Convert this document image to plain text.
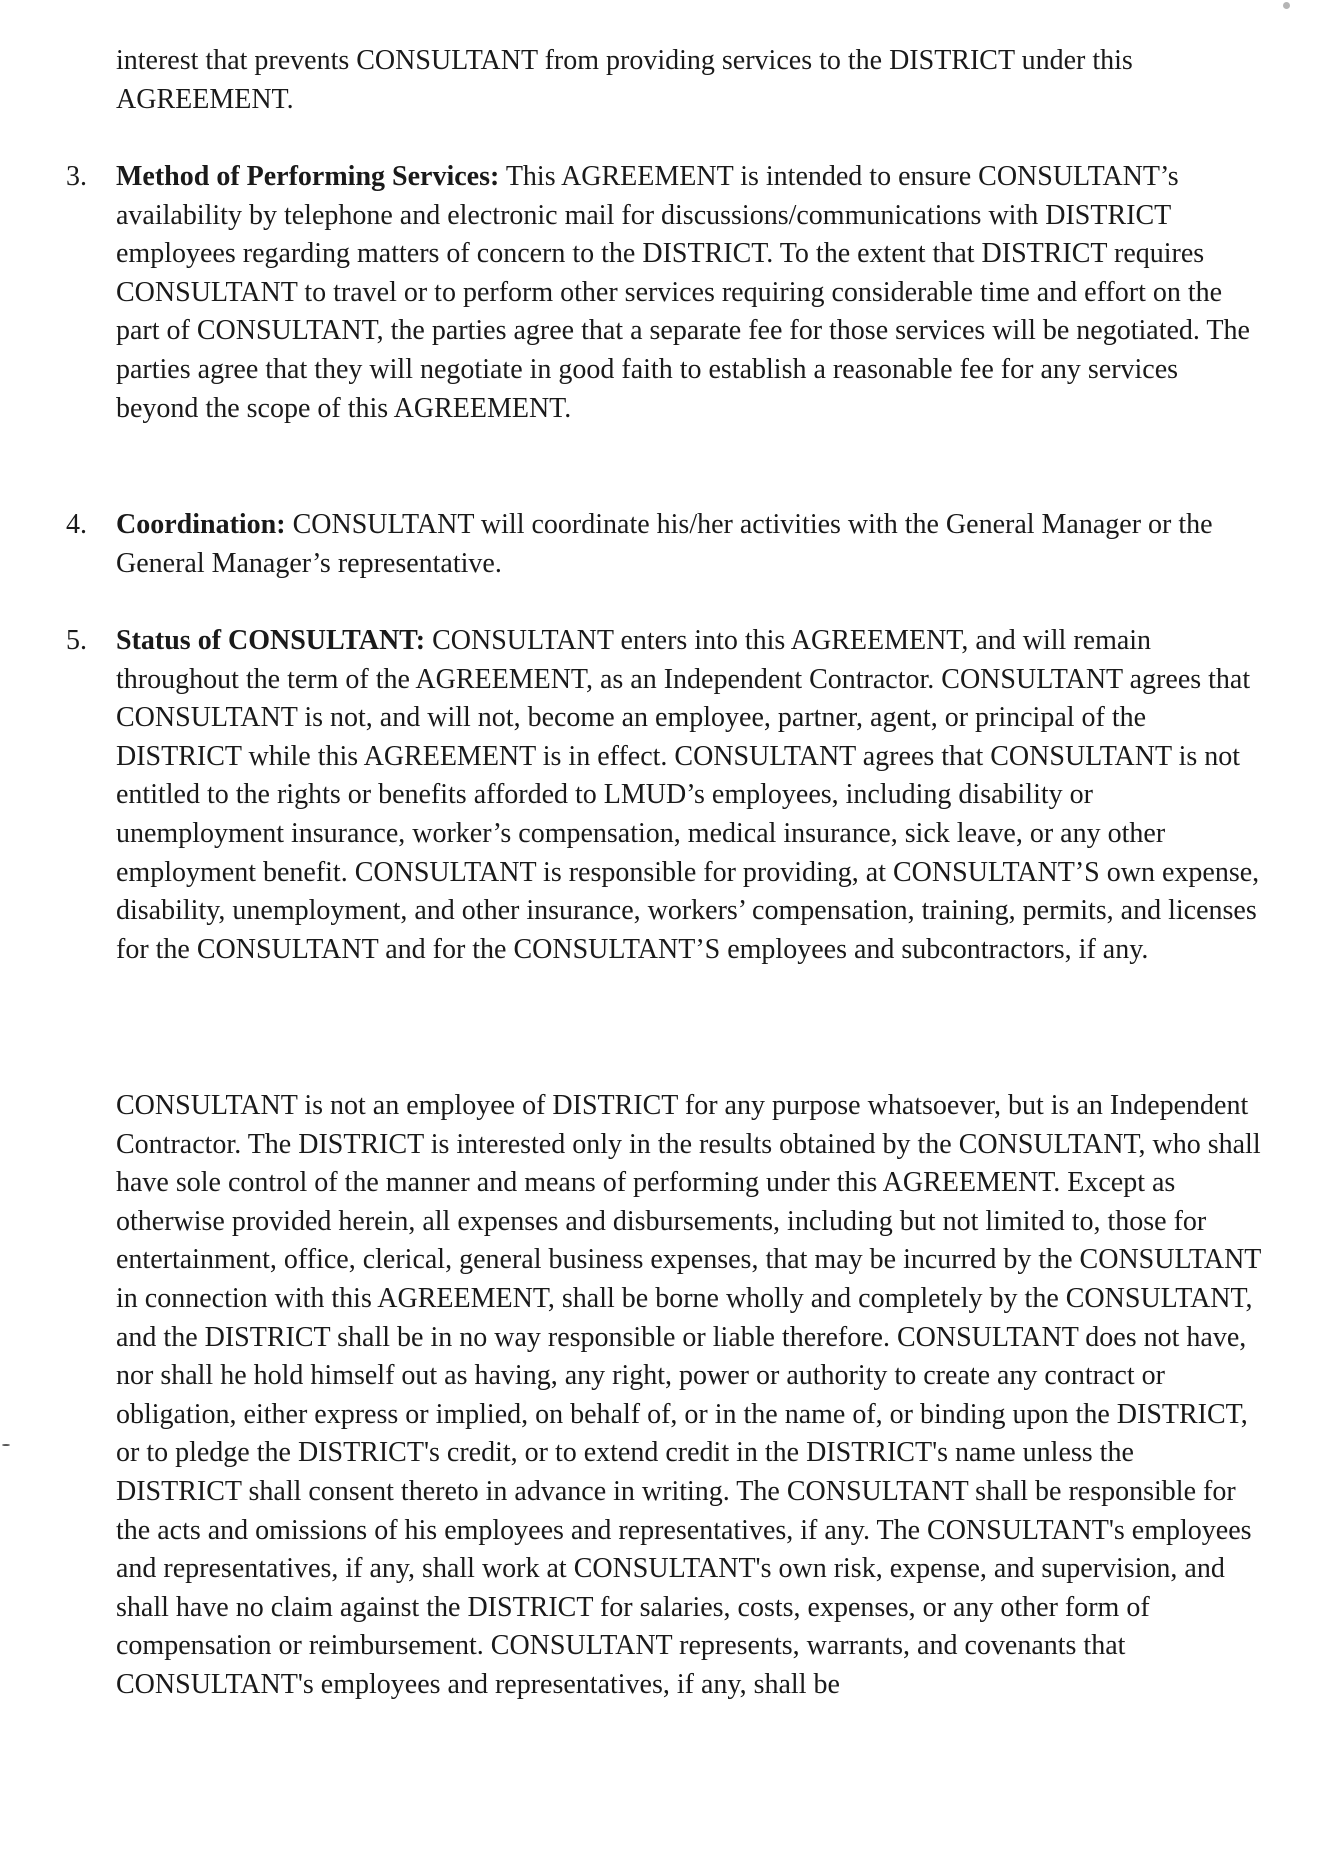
interest that prevents CONSULTANT from providing services to the DISTRICT under this AGREEMENT.

3. Method of Performing Services: This AGREEMENT is intended to ensure CONSULTANT’s availability by telephone and electronic mail for discussions/communications with DISTRICT employees regarding matters of concern to the DISTRICT. To the extent that DISTRICT requires CONSULTANT to travel or to perform other services requiring considerable time and effort on the part of CONSULTANT, the parties agree that a separate fee for those services will be negotiated. The parties agree that they will negotiate in good faith to establish a reasonable fee for any services beyond the scope of this AGREEMENT.
4. Coordination: CONSULTANT will coordinate his/her activities with the General Manager or the General Manager’s representative.
5. Status of CONSULTANT: CONSULTANT enters into this AGREEMENT, and will remain throughout the term of the AGREEMENT, as an Independent Contractor. CONSULTANT agrees that CONSULTANT is not, and will not, become an employee, partner, agent, or principal of the DISTRICT while this AGREEMENT is in effect. CONSULTANT agrees that CONSULTANT is not entitled to the rights or benefits afforded to LMUD’s employees, including disability or unemployment insurance, worker’s compensation, medical insurance, sick leave, or any other employment benefit. CONSULTANT is responsible for providing, at CONSULTANT’S own expense, disability, unemployment, and other insurance, workers’ compensation, training, permits, and licenses for the CONSULTANT and for the CONSULTANT’S employees and subcontractors, if any.

CONSULTANT is not an employee of DISTRICT for any purpose whatsoever, but is an Independent Contractor. The DISTRICT is interested only in the results obtained by the CONSULTANT, who shall have sole control of the manner and means of performing under this AGREEMENT. Except as otherwise provided herein, all expenses and disbursements, including but not limited to, those for entertainment, office, clerical, general business expenses, that may be incurred by the CONSULTANT in connection with this AGREEMENT, shall be borne wholly and completely by the CONSULTANT, and the DISTRICT shall be in no way responsible or liable therefore. CONSULTANT does not have, nor shall he hold himself out as having, any right, power or authority to create any contract or obligation, either express or implied, on behalf of, or in the name of, or binding upon the DISTRICT, or to pledge the DISTRICT's credit, or to extend credit in the DISTRICT's name unless the DISTRICT shall consent thereto in advance in writing. The CONSULTANT shall be responsible for the acts and omissions of his employees and representatives, if any. The CONSULTANT's employees and representatives, if any, shall work at CONSULTANT's own risk, expense, and supervision, and shall have no claim against the DISTRICT for salaries, costs, expenses, or any other form of compensation or reimbursement. CONSULTANT represents, warrants, and covenants that CONSULTANT's employees and representatives, if any, shall be
